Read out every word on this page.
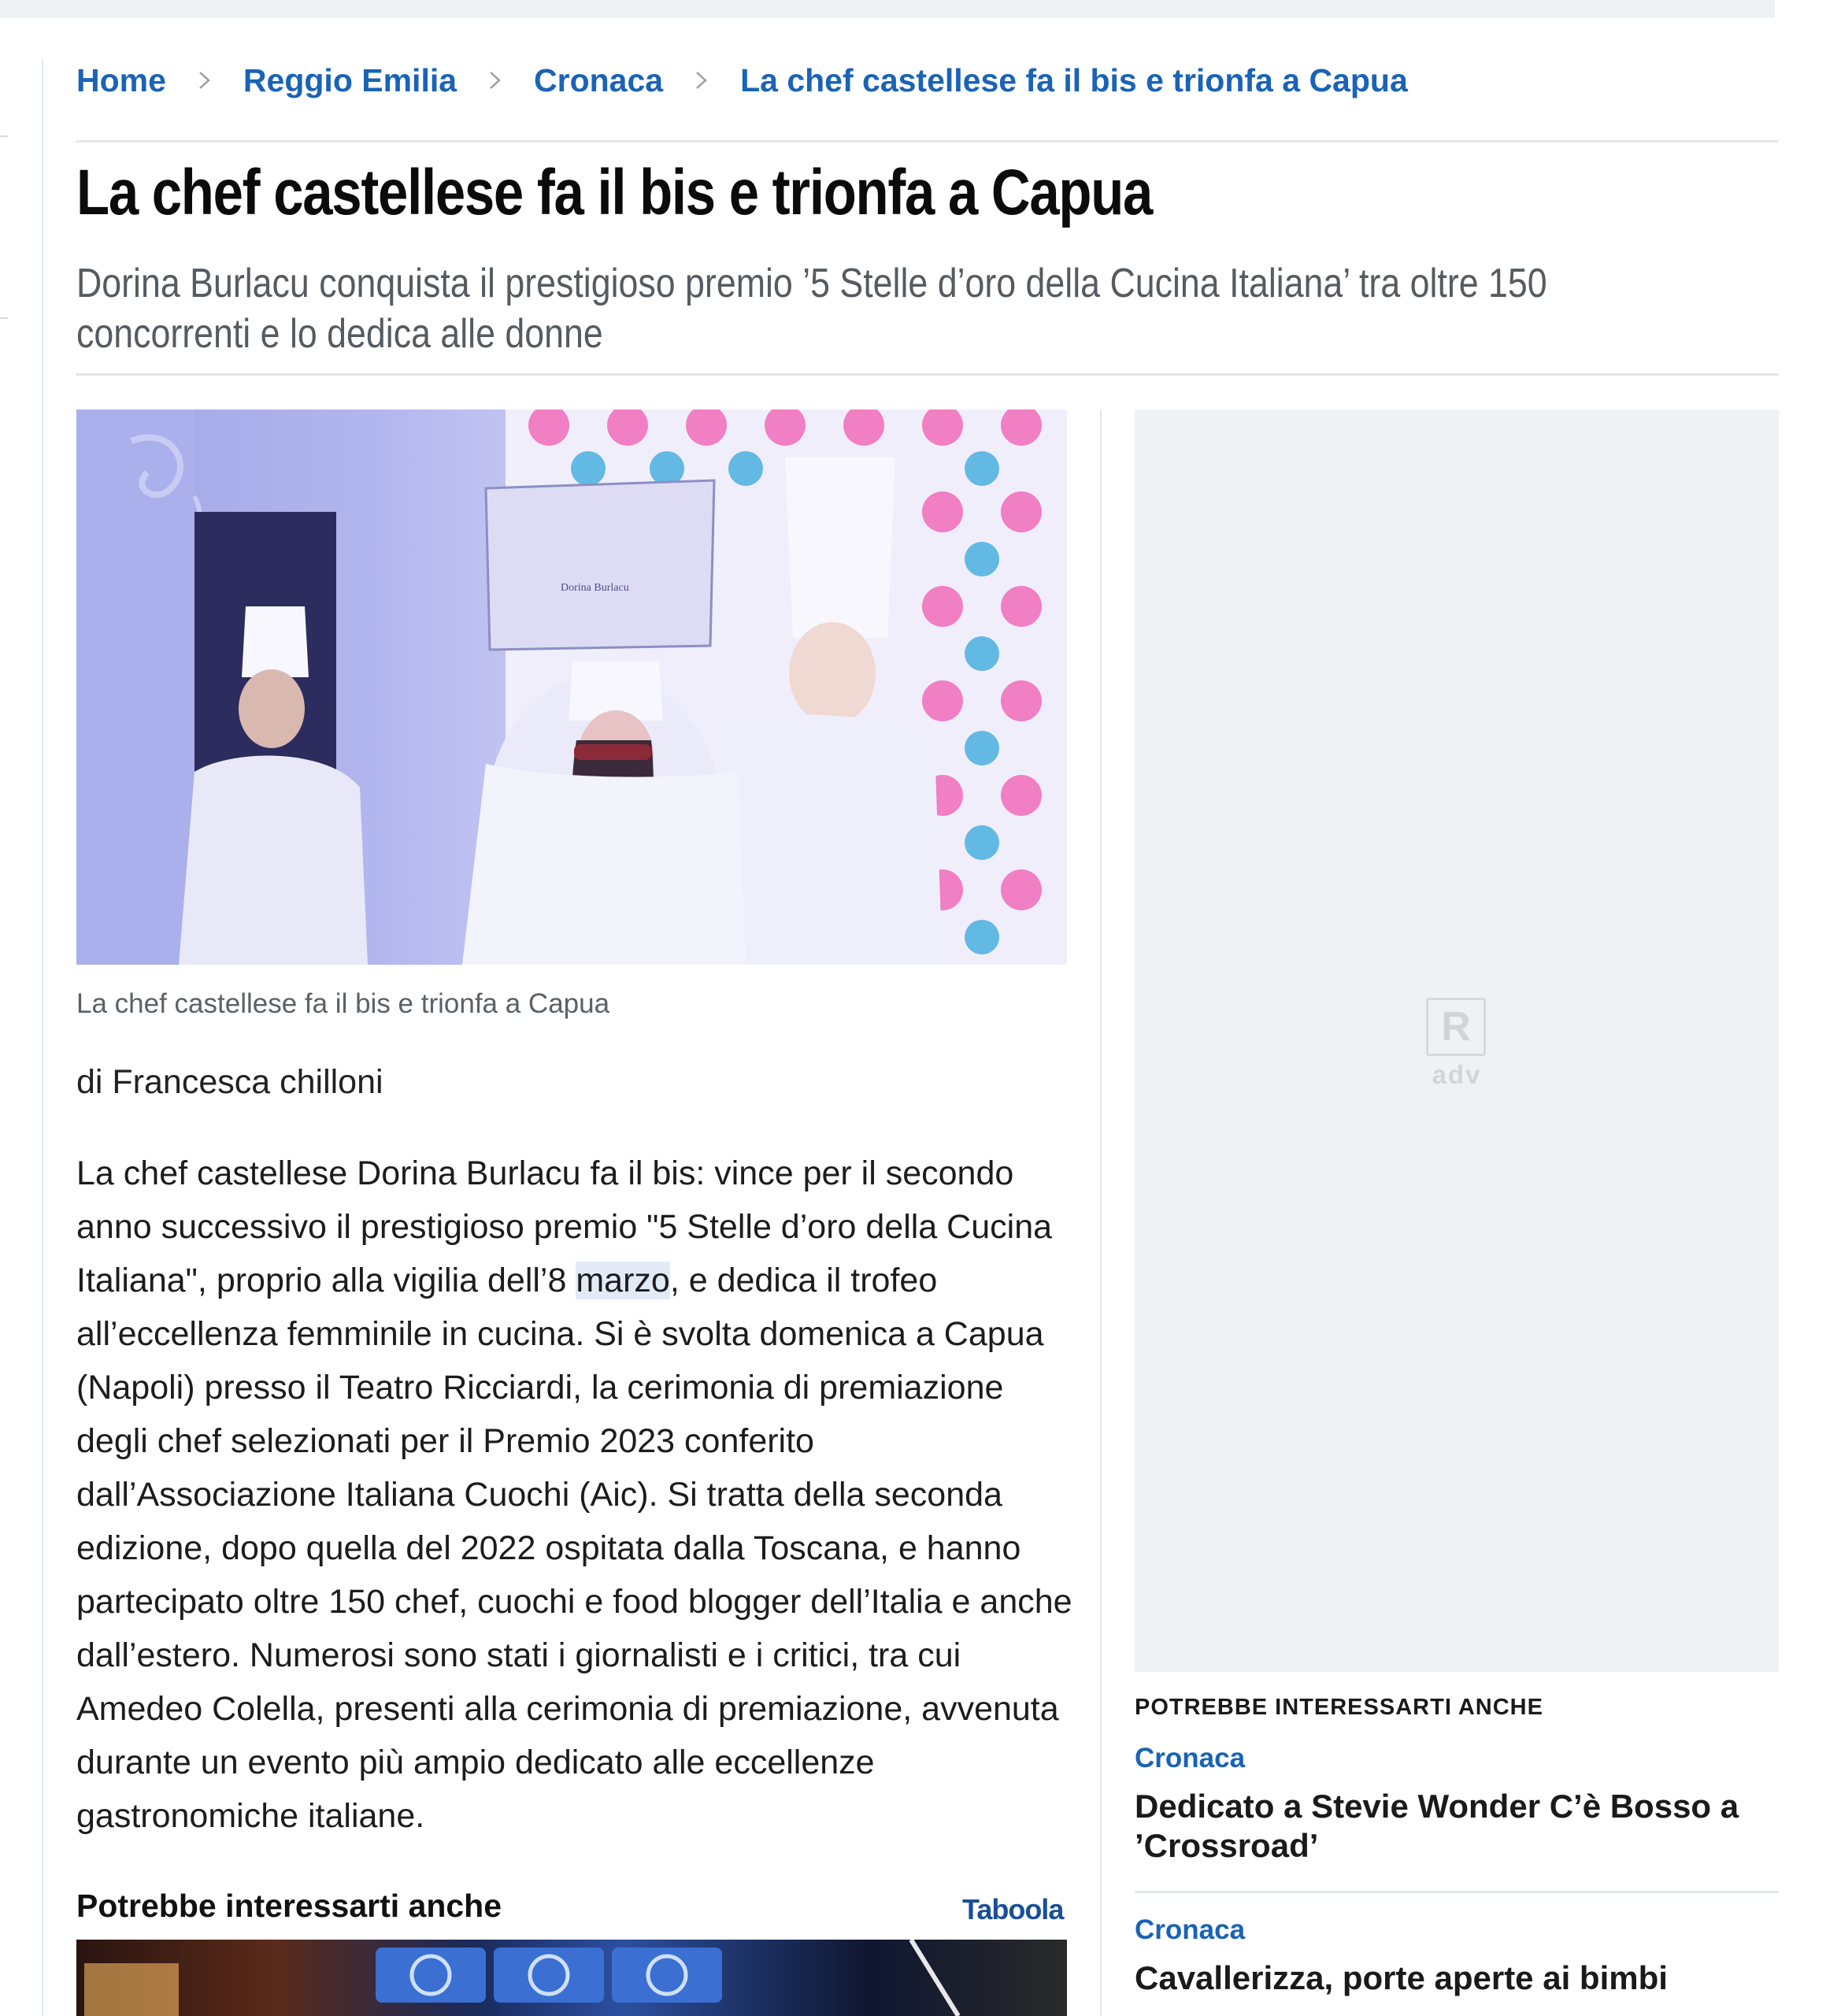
Home Reggio Emilia Cronaca La chef castellese fa il bis e trionfa a Capua
La chef castellese fa il bis e trionfa a Capua

Dorina Burlacu conquista il prestigioso premio ’5 Stelle d’oro della Cucina Italiana’ tra oltre 150 concorrenti e lo dedica alle donne

Dorina Burlacu

La chef castellese fa il bis e trionfa a Capua

di Francesca chilloni

La chef castellese Dorina Burlacu fa il bis: vince per il secondo anno successivo il prestigioso premio "5 Stelle d’oro della Cucina Italiana", proprio alla vigilia dell’8 marzo, e dedica il trofeo all’eccellenza femminile in cucina. Si è svolta domenica a Capua (Napoli) presso il Teatro Ricciardi, la cerimonia di premiazione degli chef selezionati per il Premio 2023 conferito dall’Associazione Italiana Cuochi (Aic). Si tratta della seconda edizione, dopo quella del 2022 ospitata dalla Toscana, e hanno partecipato oltre 150 chef, cuochi e food blogger dell’Italia e anche dall’estero. Numerosi sono stati i giornalisti e i critici, tra cui Amedeo Colella, presenti alla cerimonia di premiazione, avvenuta durante un evento più ampio dedicato alle eccellenze gastronomiche italiane.

R
adv
POTREBBE INTERESSARTI ANCHE
Cronaca
Dedicato a Stevie Wonder C’è Bosso a ’Crossroad’
Cronaca
Cavallerizza, porte aperte ai bimbi
Potrebbe interessarti anche	Taboola
